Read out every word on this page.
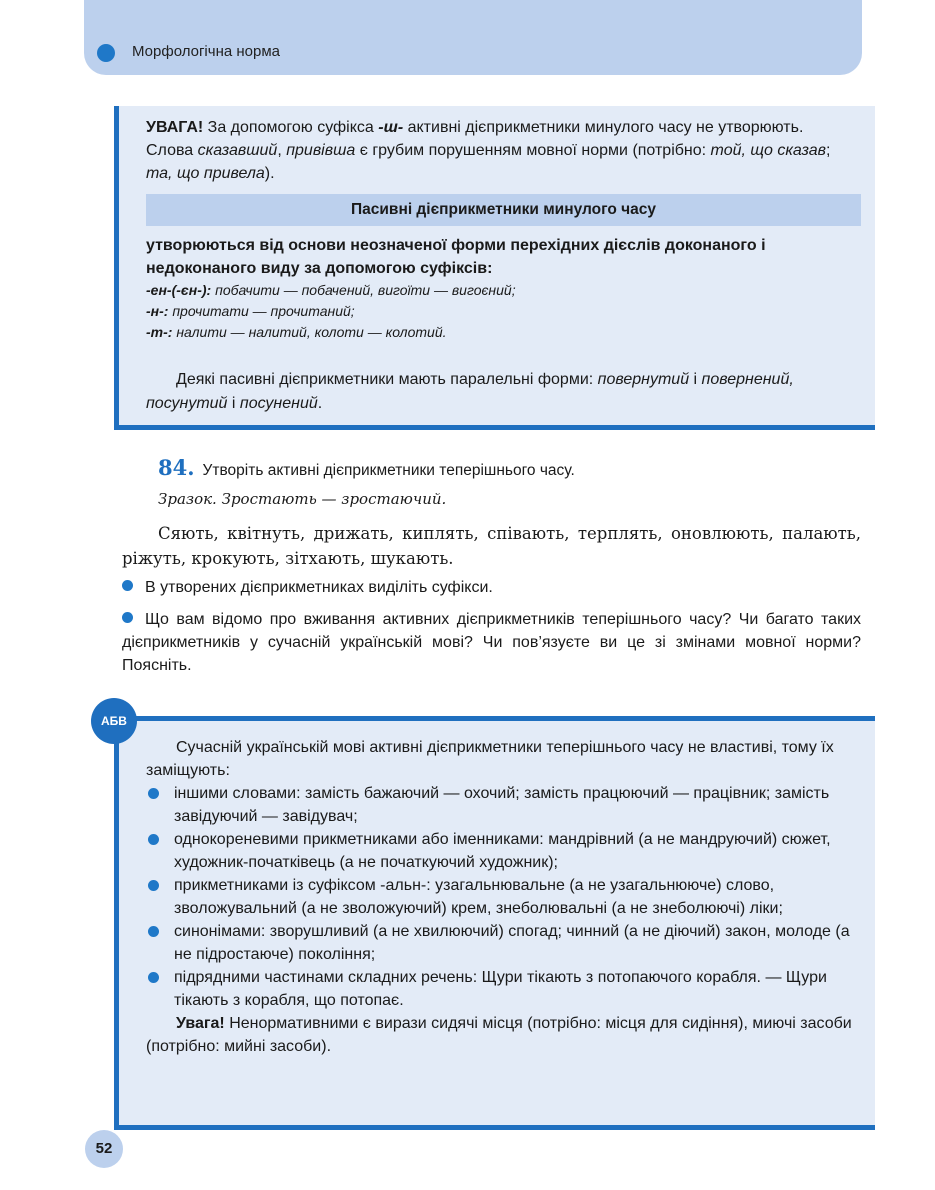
Морфологічна норма
УВАГА! За допомогою суфікса -ш- активні дієприкметники минулого часу не утворюють. Слова сказавший, привівша є грубим порушенням мовної норми (потрібно: той, що сказав; та, що привела).
Пасивні дієприкметники минулого часу
утворюються від основи неозначеної форми перехідних дієслів доконаного і недоконаного виду за допомогою суфіксів:
-ен-(-єн-): побачити — побачений, вигоїти — вигоєний;
-н-: прочитати — прочитаний;
-т-: налити — налитий, колоти — колотий.
Деякі пасивні дієприкметники мають паралельні форми: повернутий і повернений, посунутий і посунений.
84. Утворіть активні дієприкметники теперішнього часу.
Зразок. Зростають — зростаючий.
Сяють, квітнуть, дрижать, киплять, співають, терплять, оновлюють, палають, ріжуть, крокують, зітхають, шукають.
В утворених дієприкметниках виділіть суфікси.
Що вам відомо про вживання активних дієприкметників теперішнього часу? Чи багато таких дієприкметників у сучасній українській мові? Чи пов’язуєте ви це зі змінами мовної норми? Поясніть.
АБВ

Сучасній українській мові активні дієприкметники теперішнього часу не властиві, тому їх заміщують:

іншими словами: замість бажаючий — охочий; замість працюючий — працівник; замість завідуючий — завідувач;
однокореневими прикметниками або іменниками: мандрівний (а не мандруючий) сюжет, художник-початківець (а не початкуючий художник);
прикметниками із суфіксом -альн-: узагальнювальне (а не узагальнююче) слово, зволожувальний (а не зволожуючий) крем, знеболювальні (а не знеболюючі) ліки;
синонімами: зворушливий (а не хвилюючий) спогад; чинний (а не діючий) закон, молоде (а не підростаюче) покоління;
підрядними частинами складних речень: Щури тікають з потопаючого корабля. — Щури тікають з корабля, що потопає.

Увага! Ненормативними є вирази сидячі місця (потрібно: місця для сидіння), миючі засоби (потрібно: мийні засоби).

52
